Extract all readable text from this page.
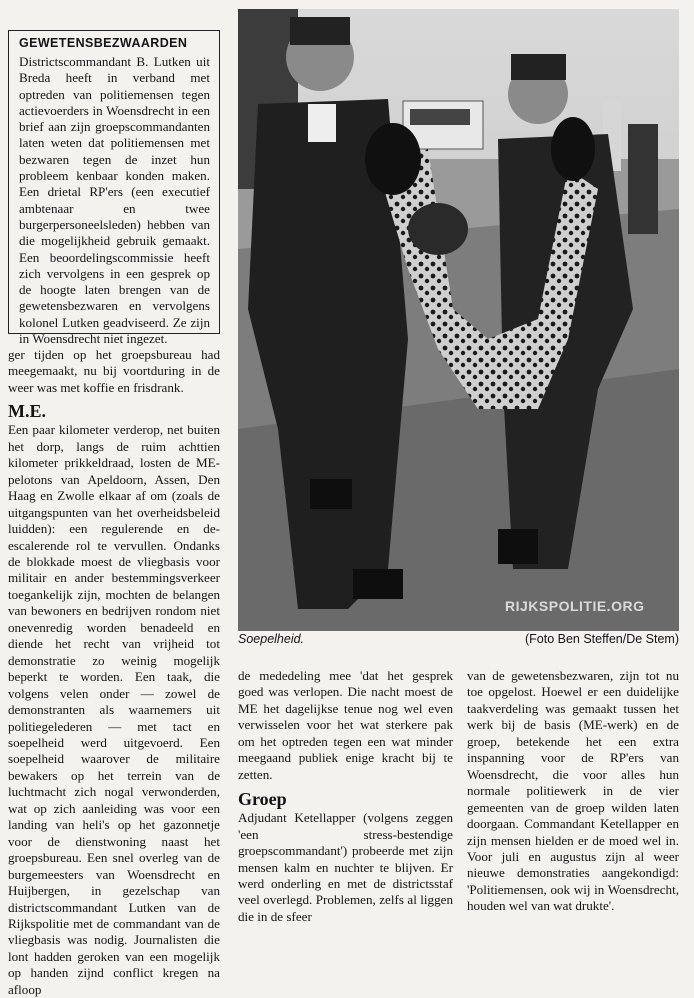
GEWETENSBEZWAARDEN
Districtscommandant B. Lutken uit Breda heeft in verband met optreden van politiemensen tegen actievoerders in Woensdrecht in een brief aan zijn groepscommandanten laten weten dat politiemensen met bezwaren tegen de inzet hun probleem kenbaar konden maken. Een drietal RP'ers (een executief ambtenaar en twee burgerpersoneelsleden) hebben van die mogelijkheid gebruik gemaakt. Een beoordelingscommissie heeft zich vervolgens in een gesprek op de hoogte laten brengen van de gewetensbezwaren en vervolgens kolonel Lutken geadviseerd. Ze zijn in Woensdrecht niet ingezet.

ger tijden op het groepsbureau had meegemaakt, nu bij voortduring in de weer was met koffie en frisdrank.

M.E.

Een paar kilometer verderop, net buiten het dorp, langs de ruim achttien kilometer prikkeldraad, losten de ME-pelotons van Apeldoorn, Assen, Den Haag en Zwolle elkaar af om (zoals de uitgangspunten van het overheidsbeleid luidden): een regulerende en de-escalerende rol te vervullen. Ondanks de blokkade moest de vliegbasis voor militair en ander bestemmingsverkeer toegankelijk zijn, mochten de belangen van bewoners en bedrijven rondom niet onevenredig worden benadeeld en diende het recht van vrijheid tot demonstratie zo weinig mogelijk beperkt te worden. Een taak, die volgens velen onder — zowel de demonstranten als waarnemers uit politiegelederen — met tact en soepelheid werd uitgevoerd. Een soepelheid waarover de militaire bewakers op het terrein van de luchtmacht zich nogal verwonderden, wat op zich aanleiding was voor een landing van heli's op het gazonnetje voor de dienstwoning naast het groepsbureau. Een snel overleg van de burgemeesters van Woensdrecht en Huijbergen, in gezelschap van districtscommandant Lutken van de Rijkspolitie met de commandant van de vliegbasis was nodig. Journalisten die lont hadden geroken van een mogelijk op handen zijnd conflict kregen na afloop

RIJKSPOLITIE.ORG
Soepelheid.	(Foto Ben Steffen/De Stem)

de mededeling mee 'dat het gesprek goed was verlopen. Die nacht moest de ME het dagelijkse tenue nog wel even verwisselen voor het wat sterkere pak om het optreden tegen een wat minder meegaand publiek enige kracht bij te zetten.

Groep

Adjudant Ketellapper (volgens zeggen 'een stress-bestendige groepscommandant') probeerde met zijn mensen kalm en nuchter te blijven. Er werd onderling en met de districtsstaf veel overlegd. Problemen, zelfs al liggen die in de sfeer

van de gewetensbezwaren, zijn tot nu toe opgelost. Hoewel er een duidelijke taakverdeling was gemaakt tussen het werk bij de basis (ME-werk) en de groep, betekende het een extra inspanning voor de RP'ers van Woensdrecht, die voor alles hun normale politiewerk in de vier gemeenten van de groep wilden laten doorgaan. Commandant Ketellapper en zijn mensen hielden er de moed wel in. Voor juli en augustus zijn al weer nieuwe demonstraties aangekondigd: 'Politiemensen, ook wij in Woensdrecht, houden wel van wat drukte'.
